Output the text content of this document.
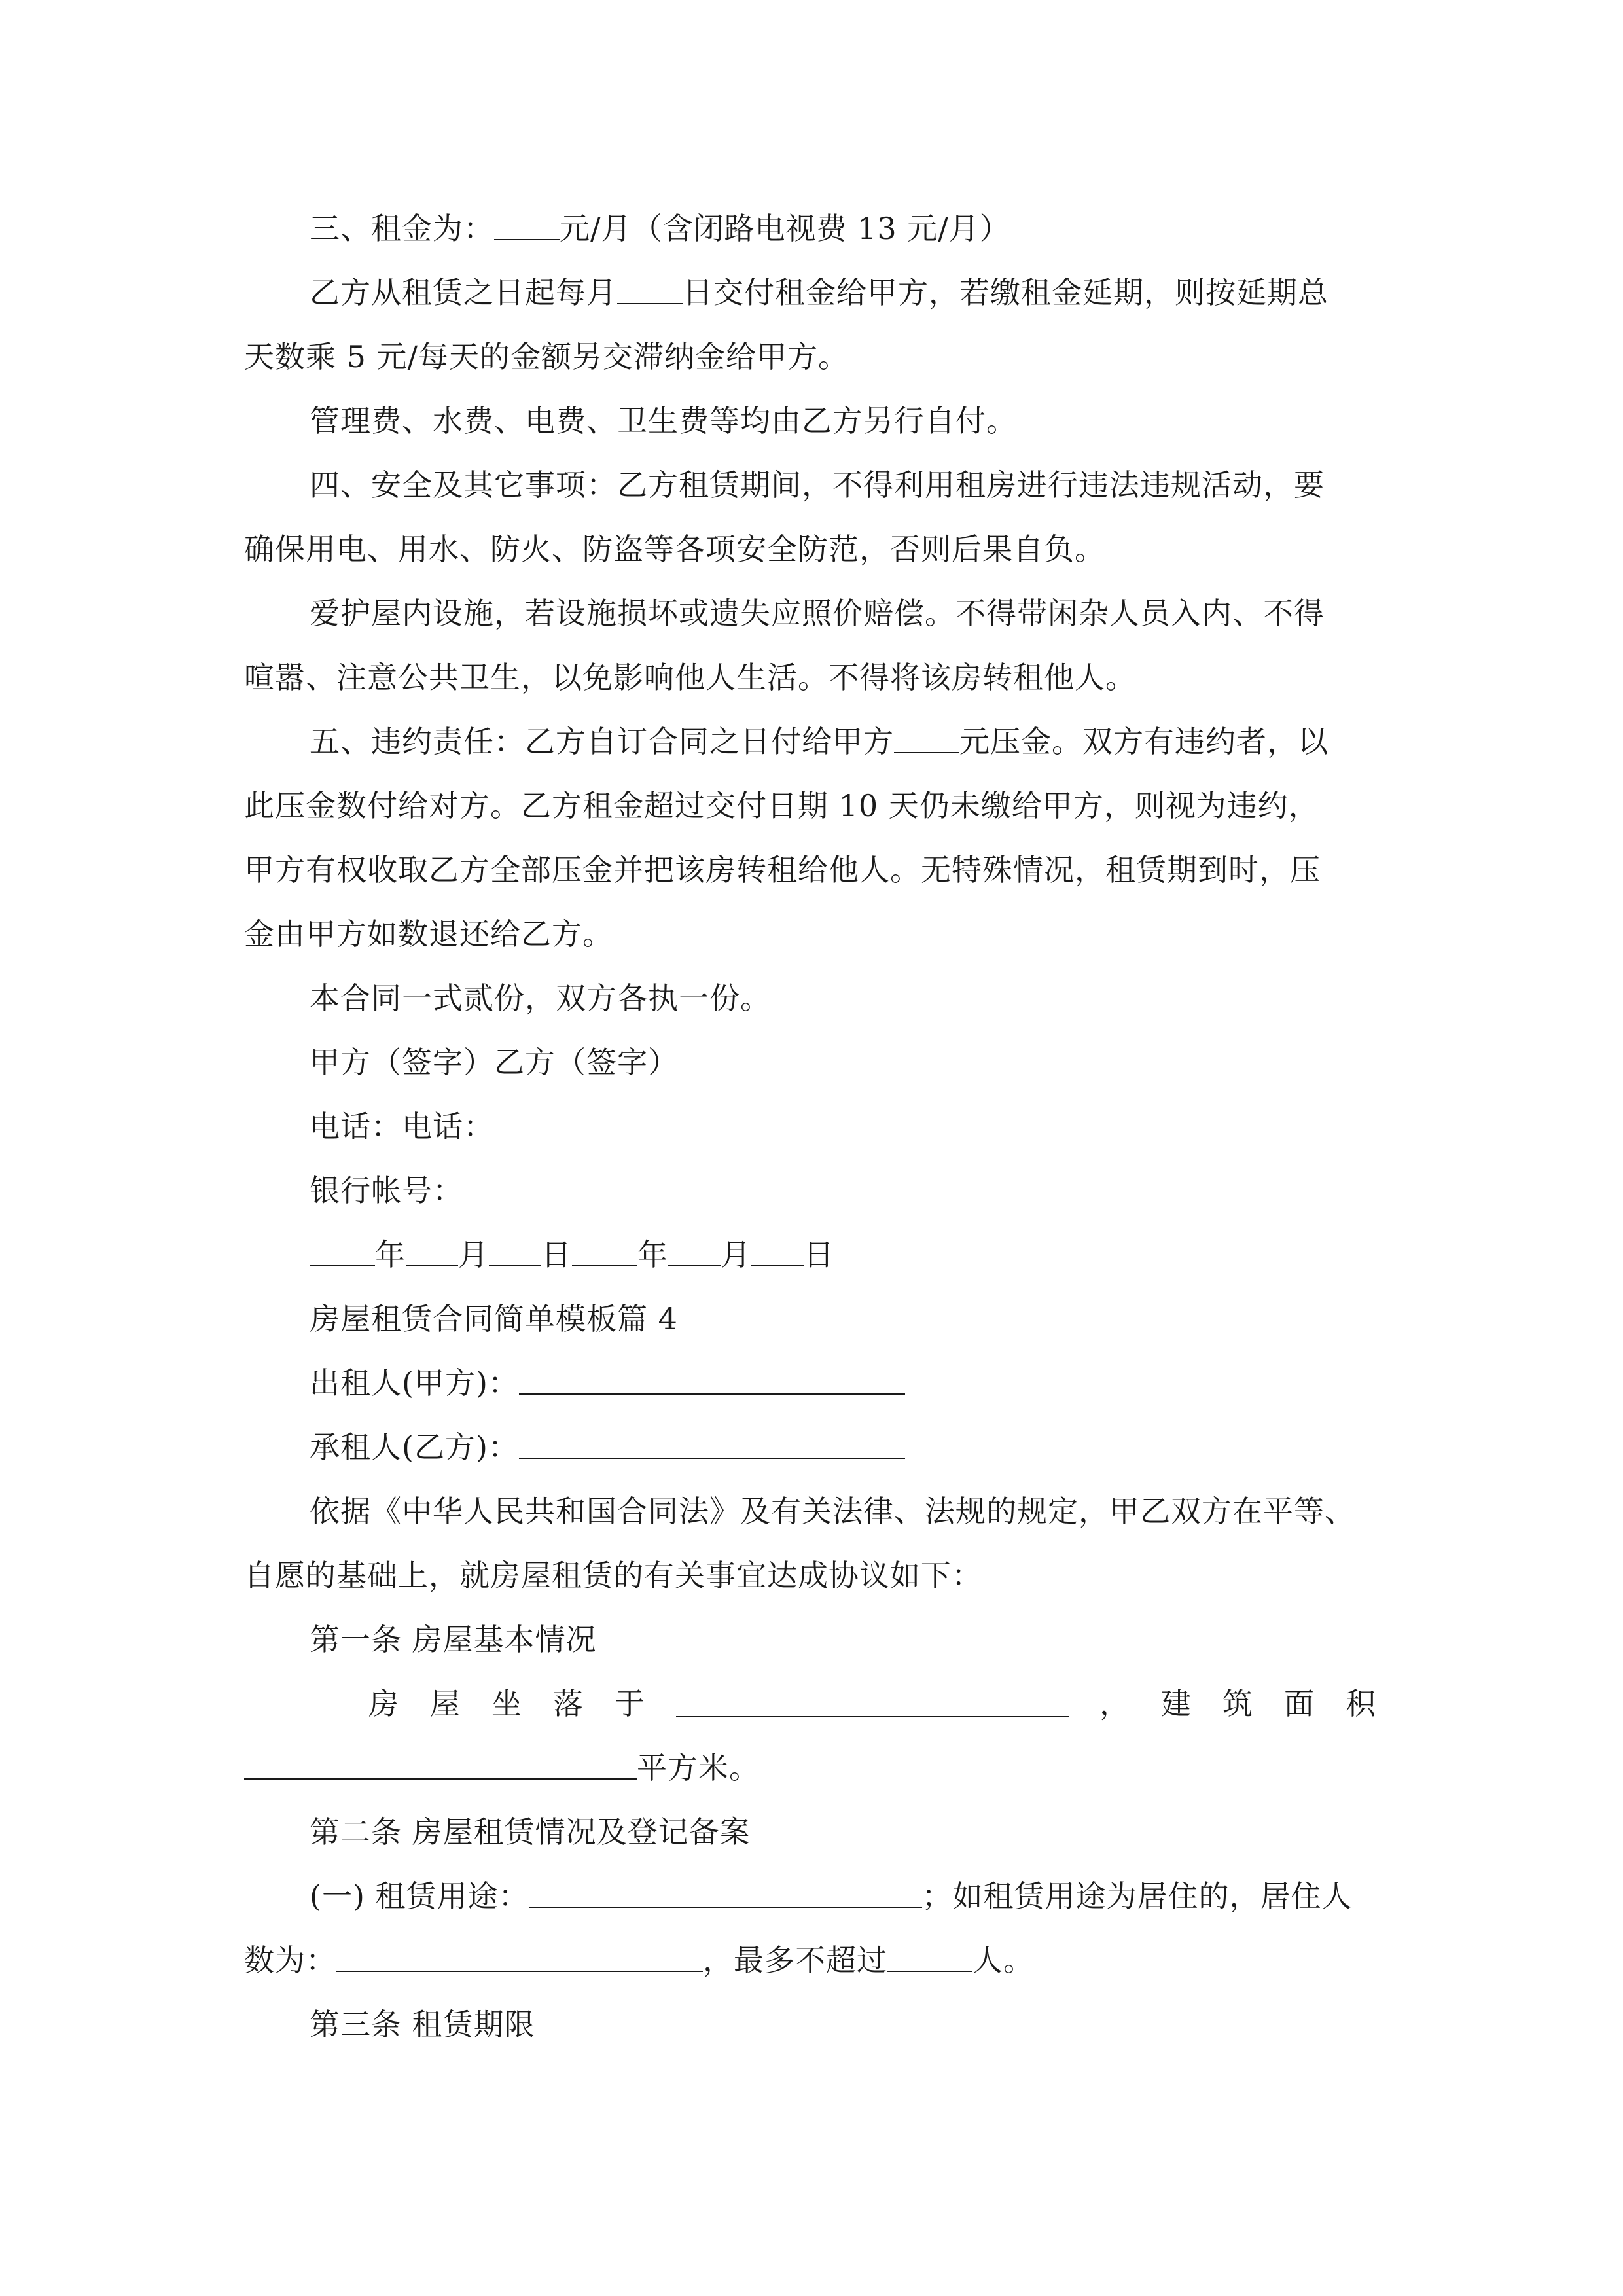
三、租金为： 元/月（含闭路电视费 13 元/月）
乙方从租赁之日起每月 日交付租金给甲方，若缴租金延期，则按延期总
天数乘 5 元/每天的金额另交滞纳金给甲方。
管理费、水费、电费、卫生费等均由乙方另行自付。
四、安全及其它事项：乙方租赁期间，不得利用租房进行违法违规活动，要
确保用电、用水、防火、防盗等各项安全防范，否则后果自负。
爱护屋内设施，若设施损坏或遗失应照价赔偿。不得带闲杂人员入内、不得
喧嚣、注意公共卫生，以免影响他人生活。不得将该房转租他人。
五、违约责任：乙方自订合同之日付给甲方 元压金。双方有违约者，以
此压金数付给对方。乙方租金超过交付日期 10 天仍未缴给甲方，则视为违约，
甲方有权收取乙方全部压金并把该房转租给他人。无特殊情况，租赁期到时，压
金由甲方如数退还给乙方。
本合同一式贰份，双方各执一份。
甲方（签字）乙方（签字）
电话：电话：
银行帐号：
年 月 日 年 月 日
房屋租赁合同简单模板篇 4
出租人(甲方)：
承租人(乙方)：
依据《中华人民共和国合同法》及有关法律、法规的规定，甲乙双方在平等、
自愿的基础上，就房屋租赁的有关事宜达成协议如下：
第一条 房屋基本情况
房 屋 坐 落 于	， 建 筑 面 积
平方米。
第二条 房屋租赁情况及登记备案
(一) 租赁用途：	；如租赁用途为居住的，居住人
数为：	，最多不超过	人。
第三条 租赁期限
